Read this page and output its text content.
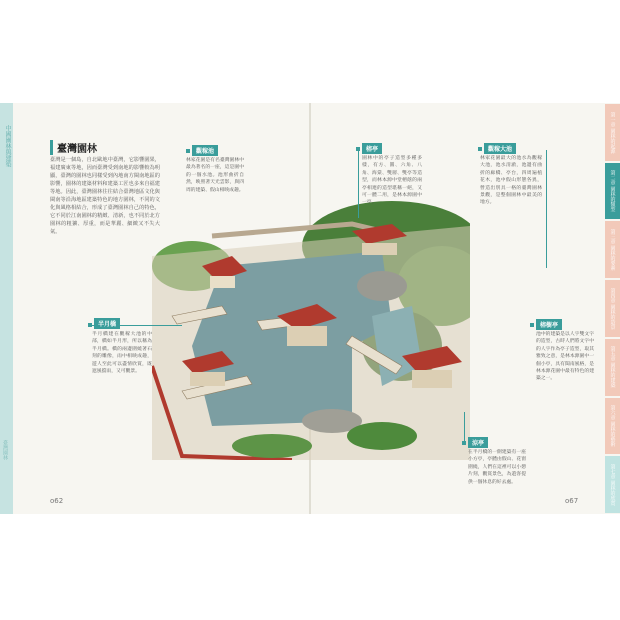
中國園林與建築
臺灣園林
第一章 園林的起源
第二章 園林的類型
第三章 園林的要素
第四章 園林的造景
第五章 園林的建築
第六章 園林的藝術
第七章 園林的欣賞
臺灣園林
臺灣是一個島，自北歐地中臺灣，它影響園果，福建廣東等地，因而臺灣受到南地的影響較為明顯，臺灣的園林也同樣受到內地南方閩南地區的影響，園林的建築材料和建築工匠也多來自福建等地。因此，臺灣園林往往結合臺灣地區文化與閩南等沿海地區建築特色的地方園林，不同的文化與風格相結合，形成了臺灣園林自己的特色，它不同於江南園林的精緻、清新，也不同於北方園林的粗獷、厚重，而是華麗、細緻又不失大氣。
觀稼池
林家花園是有名臺灣園林中最為著名的一座，這是園中的一個水池。池形曲折自然，映照著天光雲影，與四周的建築、假山相映成趣。
榕亭
園林中的亭子造型多種多樣，有方、圓、六角、八角、海棠、雙層、雙亭等造型，而林本源中堂榕蔭的兩亭相連的造型堪稱一絕，又可一體二用，是林本源園中一亭。
觀稼大池
林家花園最大的池水為觀稼大池，池水清澈，池邊有曲折的廊橋、亭台，四周遍植花木，池中假山形態各異，營造出別具一格的臺灣園林景觀，是整個園林中最美的地方。
半月橋
半月橋建在觀稼大池的中部，橋如半月形，所以稱為半月橋。橋的兩邊圍繞著石刻的雕像，雨中相映成趣，遊人至此可以盡情欣賞，既遮風擋雨，又可觀景。
榕樹亭
池中的建築是以人字雙文字的造型，古時人們將文字中的人字作為亭子造型，取其雅致之意，是林本源園中一個小亭，具有閩南風格，是林本源花園中最有特色的建築之一。
涼亭
在半月橋的一側建築有一座小方亭，亭體由假山、花窗圍繞，人們在這裡可以小憩片刻，觀賞景色，為遊客提供一個休息的好去處。
o62	o67
